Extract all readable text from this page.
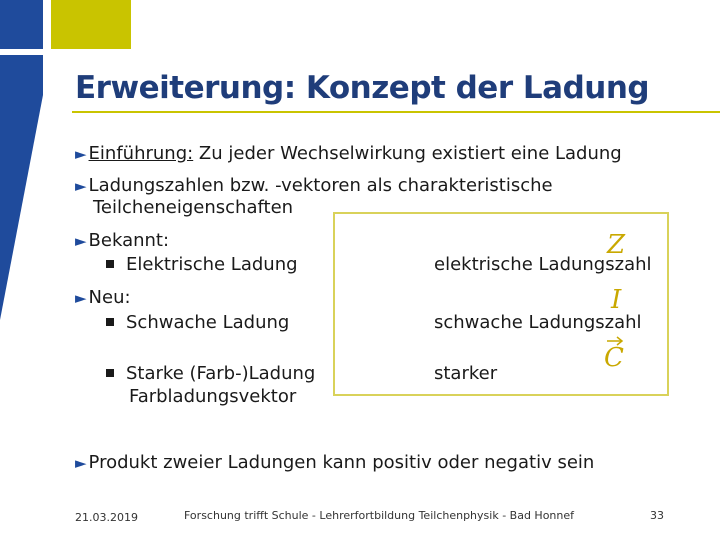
Erweiterung: Konzept der Ladung
► Einführung: Zu jeder Wechselwirkung existiert eine Ladung
► Ladungszahlen bzw. -vektoren als charakteristische
Teilcheneigenschaften
► Bekannt:
Elektrische Ladung
► Neu:
Schwache Ladung
Starke (Farb-)Ladung
Farbladungsvektor
elektrische Ladungszahl
schwache Ladungszahl
starker
Z
I
C
► Produkt zweier Ladungen kann positiv oder negativ sein
21.03.2019	Forschung trifft Schule - Lehrerfortbildung Teilchenphysik - Bad Honnef	33
